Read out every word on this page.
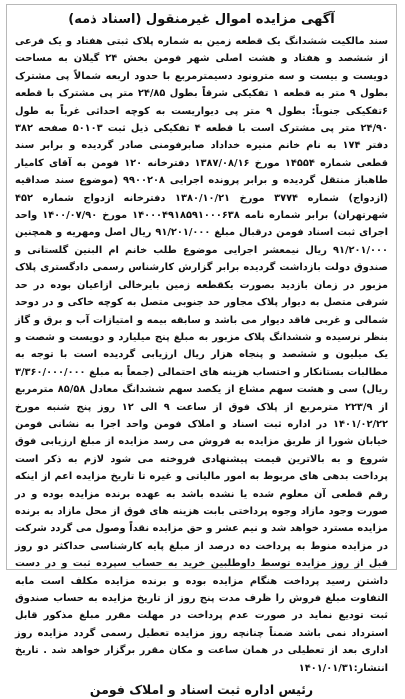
آگهی مزایده اموال غیرمنقول (اسناد ذمه)
سند مالکیت ششدانگ یک قطعه زمین به شماره پلاک ثبتی هفتاد و یک فرعی از ششصد و هفتاد و هشت اصلی شهر فومن بخش ۲۴ گیلان به مساحت دویست و بیست و سه مترونود دسیمترمربع با حدود اربعه شمالاً پی مشترک بطول ۹ متر به قطعه ۱ تفکیکی شرقاً بطول ۲۴/۸۵ متر پی مشترک با قطعه ۶تفکیکی جنوباً: بطول ۹ متر پی دیواریست به کوچه احداثی غرباً به طول ۲۴/۹۰ متر پی مشترک است با قطعه ۴ تفکیکی ذیل ثبت ۵۰۱۰۳ صفحه ۳۸۲ دفتر ۱۷۴ به نام خانم منیره خداداد صابرفومنی صادر گردیده و برابر سند قطعی شماره ۱۴۵۵۴ مورخ ۱۳۸۷/۰۸/۱۶ دفترخانه ۱۲۰ فومن به آقای کامیار طاهباز منتقل گردیده و برابر پرونده اجرایی ۹۹۰۰۲۰۸ (موضوع سند صداقیه (ازدواج) شماره ۳۷۷۴ مورخ ۱۳۸۰/۱۰/۲۱ دفترخانه ازدواج شماره ۴۵۲ شهرتهران) برابر شماره نامه ۱۴۰۰۰۴۹۱۸۵۹۱۰۰۰۶۳۸ مورخ ۱۴۰۰/۰۷/۹۰ واحد اجرای ثبت اسناد فومن درقبال مبلغ ۹۱/۲۰۱/۰۰۰ ریال اصل ومهریه و همچنین ۹۱/۲۰۱/۰۰۰ ریال نیمعشر اجرایی موضوع طلب خانم ام البنین گلستانی و صندوق دولت بازداشت گردیده برابر گزارش کارشناس رسمی دادگستری پلاک مزبور در زمان بازدید بصورت یکقطعه زمین بایرخالی ازاعیان بوده در حد شرقی متصل به دیوار پلاک مجاور حد جنوبی متصل به کوچه خاکی و در دوحد شمالی و غربی فاقد دیوار می باشد و سابقه بیمه و امتیازات آب و برق و گاز بنظر نرسیده و ششدانگ پلاک مزبور به مبلغ پنج میلیارد و دویست و شصت و یک میلیون و ششصد و پنجاه هزار ریال ارزیابی گردیده است با توجه به مطالبات بستانکار و احتساب هزینه های احتمالی (جمعاً به مبلغ ۳/۳۶۰/۰۰۰/۰۰۰ ریال) سی و هشت سهم مشاع از یکصد سهم ششدانگ معادل ۸۵/۵۸ مترمربع از ۲۲۳/۹ مترمربع از پلاک فوق از ساعت ۹ الی ۱۲ روز پنج شنبه مورخ ۱۴۰۱/۰۲/۲۲ در اداره ثبت اسناد و املاک فومن واحد اجرا به نشانی فومن خیابان شورا از طریق مزایده به فروش می رسد مزایده از مبلغ ارزیابی فوق شروع و به بالاترین قیمت پیشنهادی فروخته می شود لازم به ذکر است پرداخت بدهی های مربوط به امور مالیاتی و غیره تا تاریخ مزایده اعم از اینکه رقم قطعی آن معلوم شده یا نشده باشد به عهده برنده مزایده بوده و در صورت وجود مازاد وجوه پرداختی بابت هزینه های فوق از محل مازاد به برنده مزایده مسترد خواهد شد و نیم عشر و حق مزایده نقداً وصول می گردد شرکت در مزایده منوط به پرداخت ده درصد از مبلغ پایه کارشناسی حداکثر دو روز قبل از روز مزایده توسط داوطلبین خرید به حساب سپرده ثبت و در دست داشتن رسید پرداخت هنگام مزایده بوده و برنده مزایده مکلف است مابه التفاوت مبلغ فروش را ظرف مدت پنج روز از تاریخ مزایده به حساب صندوق ثبت تودیع نماید در صورت عدم پرداخت در مهلت مقرر مبلغ مذکور قابل استرداد نمی باشد ضمناً چنانچه روز مزایده تعطیل رسمی گردد مزایده روز اداری بعد از تعطیلی در همان ساعت و مکان مقرر برگزار خواهد شد . تاریخ انتشار:۱۴۰۱/۰۱/۳۱
رئیس اداره ثبت اسناد و املاک فومن
